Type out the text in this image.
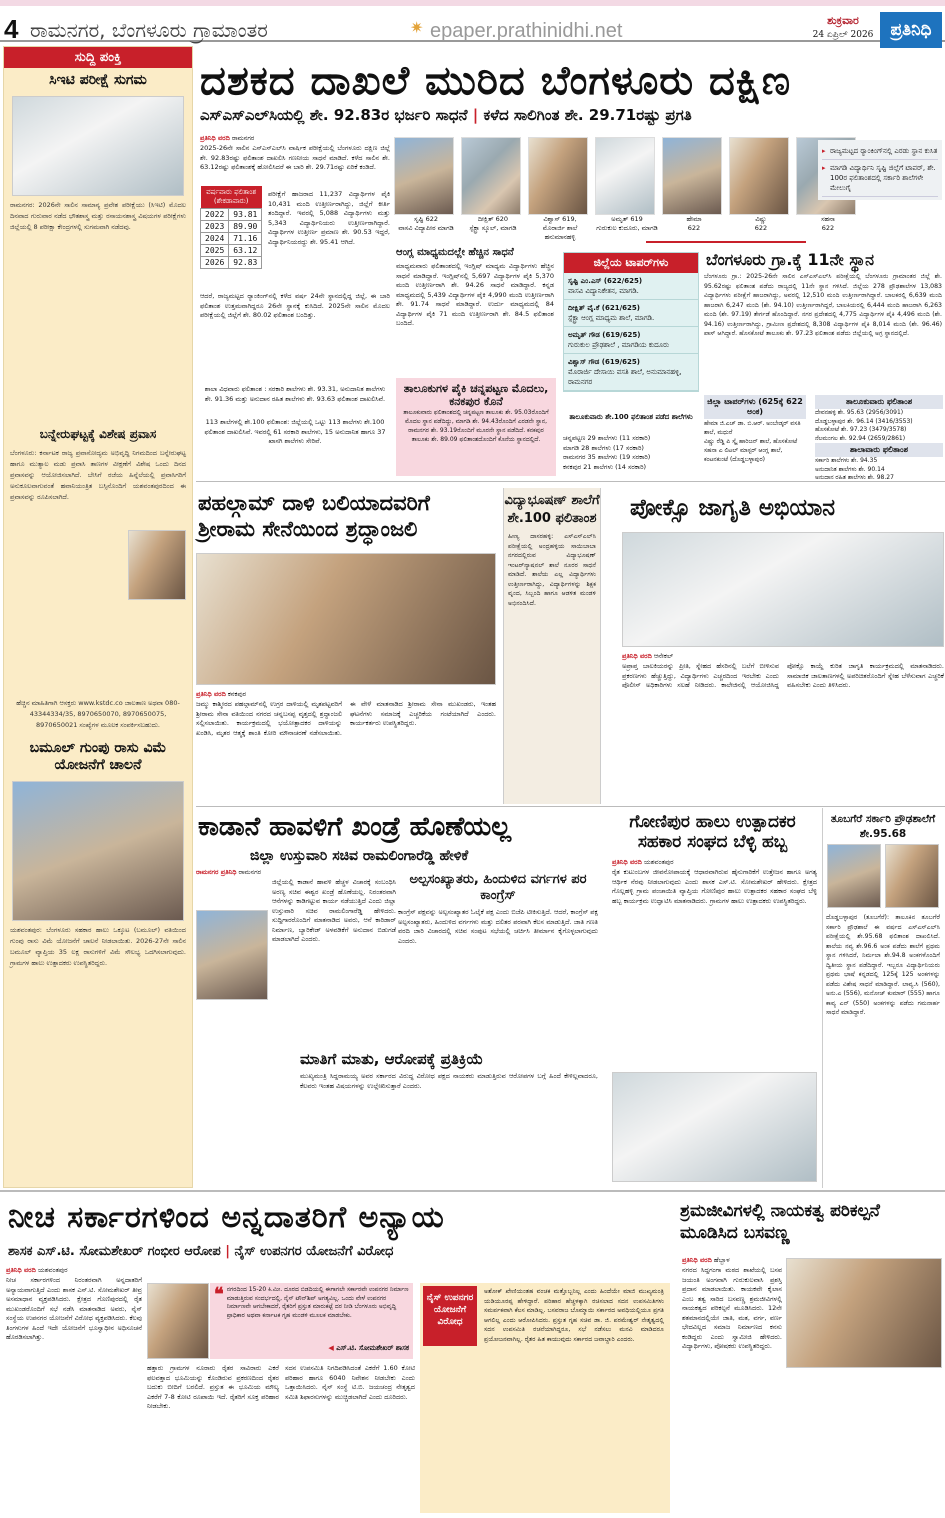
4 ರಾಮನಗರ, ಬೆಂಗಳೂರು ಗ್ರಾಮಾಂತರ	✷ epaper.prathinidhi.net	ಶುಕ್ರವಾರ
24 ಏಪ್ರಿಲ್ 2026	ಪ್ರತಿನಿಧಿ
ಸುದ್ದಿ ಪಂಕ್ತಿ
ಸಿಇಟಿ ಪರೀಕ್ಷೆ ಸುಗಮ
ರಾಮನಗರ: 2026ನೇ ಸಾಲಿನ ಸಾಮಾನ್ಯ ಪ್ರವೇಶ ಪರೀಕ್ಷೆಯು (ಸಿಇಟಿ) ಮೊದಲ ದಿನವಾದ ಗುರುವಾರ ನಡೆದ ಭೌತಶಾಸ್ತ್ರ ಮತ್ತು ರಸಾಯನಶಾಸ್ತ್ರ ವಿಷಯಗಳ ಪರೀಕ್ಷೆಗಳು ಜಿಲ್ಲೆಯಲ್ಲಿ 8 ಪರೀಕ್ಷಾ ಕೇಂದ್ರಗಳಲ್ಲಿ ಸುಗಮವಾಗಿ ನಡೆದವು.
ಬನ್ನೇರುಘಟ್ಟಕ್ಕೆ ವಿಶೇಷ ಪ್ರವಾಸ
ಬೆಂಗಳೂರು: ಕರ್ನಾಟಕ ರಾಜ್ಯ ಪ್ರವಾಸೋದ್ಯಮ ಅಭಿವೃದ್ಧಿ ನಿಗಮದಿಂದ ಬನ್ನೇರುಘಟ್ಟ ಹಾಗೂ ಮುತ್ಯಾಲ ಮಡು ಪ್ರವಾಸಿ ತಾಣಗಳ ವೀಕ್ಷಣೆಗೆ ವಿಶೇಷ ಒಂದು ದಿನದ ಪ್ರವಾಸವನ್ನು ಆಯೋಜಿಸಲಾಗಿದೆ. ಬೇಸಿಗೆ ರಜೆಯ ಹಿನ್ನೆಲೆಯಲ್ಲಿ ಪ್ರವಾಸಿಗರಿಗೆ ಅನುಕೂಲವಾಗುವಂತೆ ಹವಾನಿಯಂತ್ರಿತ ಬಸ್ಸಿನೊಂದಿಗೆ ಯಶವಂತಪುರದಿಂದ ಈ ಪ್ರವಾಸವನ್ನು ರೂಪಿಸಲಾಗಿದೆ.
ಹೆಚ್ಚಿನ ಮಾಹಿತಿಗಾಗಿ ಆಸಕ್ತರು www.kstdc.co ಜಾಲತಾಣ ಅಥವಾ 080-43344334/35, 8970650070, 8970650075, 8970650021 ಸಂಖ್ಯೆಗಳ ಮೂಲಕ ಸಂಪರ್ಕಿಸಬಹುದು.
ಬಮೂಲ್ ಗುಂಪು ರಾಸು ವಿಮೆ ಯೋಜನೆಗೆ ಚಾಲನೆ
ಯಶವಂತಪುರ: ಬೆಂಗಳೂರು ಸಹಕಾರ ಹಾಲು ಒಕ್ಕೂಟ (ಬಮೂಲ್) ವತಿಯಿಂದ ಗುಂಪು ರಾಸು ವಿಮೆ ಯೋಜನೆಗೆ ಚಾಲನೆ ನೀಡಲಾಯಿತು. 2026-27ನೇ ಸಾಲಿನ ಬಮೂಲ್ ವ್ಯಾಪ್ತಿಯ 35 ಲಕ್ಷ ರಾಸುಗಳಿಗೆ ವಿಮೆ ಸೌಲಭ್ಯ ಒದಗಿಸಲಾಗುವುದು. ಗ್ರಾಮಗಳ ಹಾಲು ಉತ್ಪಾದಕರು ಉಪಸ್ಥಿತರಿದ್ದರು.
ದಶಕದ ದಾಖಲೆ ಮುರಿದ ಬೆಂಗಳೂರು ದಕ್ಷಿಣ
ಎಸ್‌ಎಸ್‌ಎಲ್‌ಸಿಯಲ್ಲಿ ಶೇ. 92.83ರ ಭರ್ಜರಿ ಸಾಧನೆ | ಕಳೆದ ಸಾಲಿಗಿಂತ ಶೇ. 29.71ರಷ್ಟು ಪ್ರಗತಿ
ಪ್ರತಿನಿಧಿ ವರದಿ ರಾಮನಗರ
2025-26ನೇ ಸಾಲಿನ ಎಸ್‌ಎಸ್‌ಎಲ್‌ಸಿ ವಾರ್ಷಿಕ ಪರೀಕ್ಷೆಯಲ್ಲಿ ಬೆಂಗಳೂರು ದಕ್ಷಿಣ ಜಿಲ್ಲೆ ಶೇ. 92.83ರಷ್ಟು ಫಲಿತಾಂಶ ದಾಖಲಿಸಿ ಗಣನೀಯ ಸಾಧನೆ ಮಾಡಿದೆ. ಕಳೆದ ಸಾಲಿನ ಶೇ. 63.12ರಷ್ಟು ಫಲಿತಾಂಶಕ್ಕೆ ಹೋಲಿಸಿದರೆ ಈ ಬಾರಿ ಶೇ. 29.71ರಷ್ಟು ಏರಿಕೆ ಕಂಡಿದೆ.
ವರ್ಷವಾರು ಫಲಿತಾಂಶ (ಶೇಕಡಾವಾರು)	
2022	93.81
2023	89.90
2024	71.16
2025	63.12
2026	92.83
ಪರೀಕ್ಷೆಗೆ ಹಾಜರಾದ 11,237 ವಿದ್ಯಾರ್ಥಿಗಳ ಪೈಕಿ 10,431 ಮಂದಿ ಉತ್ತೀರ್ಣರಾಗಿದ್ದು, ಜಿಲ್ಲೆಗೆ ಕೀರ್ತಿ ತಂದಿದ್ದಾರೆ. ಇವರಲ್ಲಿ 5,088 ವಿದ್ಯಾರ್ಥಿಗಳು ಮತ್ತು 5,343 ವಿದ್ಯಾರ್ಥಿನಿಯರು ಉತ್ತೀರ್ಣರಾಗಿದ್ದಾರೆ. ವಿದ್ಯಾರ್ಥಿಗಳ ಉತ್ತೀರ್ಣ ಪ್ರಮಾಣ ಶೇ. 90.53 ಇದ್ದರೆ, ವಿದ್ಯಾರ್ಥಿನಿಯರದ್ದು ಶೇ. 95.41 ಆಗಿದೆ.
ಆದರೆ, ರಾಜ್ಯಮಟ್ಟದ ರ್‍ಯಾಂಕಿಂಗ್‌ನಲ್ಲಿ ಕಳೆದ ವರ್ಷ 24ನೇ ಸ್ಥಾನದಲ್ಲಿದ್ದ ಜಿಲ್ಲೆ, ಈ ಬಾರಿ ಫಲಿತಾಂಶ ಉತ್ತಮವಾಗಿದ್ದರೂ 26ನೇ ಸ್ಥಾನಕ್ಕೆ ಕುಸಿದಿದೆ. 2025ನೇ ಸಾಲಿನ ಮೊದಲ ಪರೀಕ್ಷೆಯಲ್ಲಿ ಜಿಲ್ಲೆಗೆ ಶೇ. 80.02 ಫಲಿತಾಂಶ ಬಂದಿತ್ತು.
ಶಾಲಾ ವಿಧವಾರು ಫಲಿತಾಂಶ : ಸರಕಾರಿ ಶಾಲೆಗಳು ಶೇ. 93.31, ಅನುದಾನಿತ ಶಾಲೆಗಳು ಶೇ. 91.36 ಮತ್ತು ಅನುದಾನ ರಹಿತ ಶಾಲೆಗಳು ಶೇ. 93.63 ಫಲಿತಾಂಶ ದಾಖಲಿಸಿವೆ.
113 ಶಾಲೆಗಳಲ್ಲಿ ಶೇ.100 ಫಲಿತಾಂಶ: ಜಿಲ್ಲೆಯಲ್ಲಿ ಒಟ್ಟು 113 ಶಾಲೆಗಳು ಶೇ.100 ಫಲಿತಾಂಶ ದಾಖಲಿಸಿವೆ. ಇವರಲ್ಲಿ 61 ಸರಕಾರಿ ಶಾಲೆಗಳು, 15 ಅನುದಾನಿತ ಹಾಗೂ 37 ಖಾಸಗಿ ಶಾಲೆಗಳು ಸೇರಿವೆ.
ಸೃಷ್ಟಿ 622
ವಾಸವಿ ವಿದ್ಯಾಪೀಠ ಮಾಗಡಿ
ದೀಕ್ಷಿತ್ 620
ಸ್ಪೆಕ್ಟ್ರಾ ಸ್ಕೂಲ್, ಮಾಗಡಿ
ವಿಶ್ವಾಸ್ 619,
ಮೊರಾರ್ಜಿ ಶಾಲೆ ಹನುಮಾನಹಳ್ಳಿ
ಅಮೃತ್ 619
ಗುರುಕುಲ ಕುದೂರು, ಮಾಗಡಿ
ಹೇಮಾ
622
ವಿಷ್ಣು
622
ಸಹನಾ
622
▸ ರಾಜ್ಯಮಟ್ಟದ ರ್‍ಯಾಂಕಿಂಗ್‌ನಲ್ಲಿ ಎರಡು ಸ್ಥಾನ ಕುಸಿತ
▸ ಮಾಗಡಿ ವಿದ್ಯಾರ್ಥಿನಿ ಸೃಷ್ಟಿ ಜಿಲ್ಲೆಗೆ ಟಾಪರ್, ಶೇ. 100ರ ಫಲಿತಾಂಶದಲ್ಲಿ ಸರ್ಕಾರಿ ಶಾಲೆಗಳೇ ಮೇಲುಗೈ
ಆಂಗ್ಲ ಮಾಧ್ಯಮದಲ್ಲೇ ಹೆಚ್ಚಿನ ಸಾಧನೆ
ಮಾಧ್ಯಮವಾರು ಫಲಿತಾಂಶದಲ್ಲಿ ಇಂಗ್ಲಿಷ್ ಮಾಧ್ಯಮ ವಿದ್ಯಾರ್ಥಿಗಳು ಹೆಚ್ಚಿನ ಸಾಧನೆ ಮಾಡಿದ್ದಾರೆ. ಇಂಗ್ಲಿಷ್‌ನಲ್ಲಿ 5,697 ವಿದ್ಯಾರ್ಥಿಗಳ ಪೈಕಿ 5,370 ಮಂದಿ ಉತ್ತೀರ್ಣರಾಗಿ ಶೇ. 94.26 ಸಾಧನೆ ಮಾಡಿದ್ದಾರೆ. ಕನ್ನಡ ಮಾಧ್ಯಮದಲ್ಲಿ 5,439 ವಿದ್ಯಾರ್ಥಿಗಳ ಪೈಕಿ 4,990 ಮಂದಿ ಉತ್ತೀರ್ಣರಾಗಿ ಶೇ. 91.74 ಸಾಧನೆ ಮಾಡಿದ್ದಾರೆ. ಉರ್ದು ಮಾಧ್ಯಮದಲ್ಲಿ 84 ವಿದ್ಯಾರ್ಥಿಗಳ ಪೈಕಿ 71 ಮಂದಿ ಉತ್ತೀರ್ಣರಾಗಿ ಶೇ. 84.5 ಫಲಿತಾಂಶ ಬಂದಿದೆ.
ತಾಲೂಕುಗಳ ಪೈಕಿ ಚನ್ನಪಟ್ಟಣ ಮೊದಲು, ಕನಕಪುರ ಕೊನೆ
ತಾಲೂಕುವಾರು ಫಲಿತಾಂಶದಲ್ಲಿ ಚನ್ನಪಟ್ಟಣ ತಾಲೂಕು ಶೇ. 95.03ರೊಂದಿಗೆ ಮೊದಲ ಸ್ಥಾನ ಪಡೆದಿದ್ದು, ಮಾಗಡಿ ಶೇ. 94.43ರೊಂದಿಗೆ ಎರಡನೇ ಸ್ಥಾನ, ರಾಮನಗರ ಶೇ. 93.19ರೊಂದಿಗೆ ಮೂರನೇ ಸ್ಥಾನ ಪಡೆದಿದೆ. ಕನಕಪುರ ತಾಲೂಕು ಶೇ. 89.09 ಫಲಿತಾಂಶದೊಂದಿಗೆ ಕೊನೆಯ ಸ್ಥಾನದಲ್ಲಿದೆ.
ಜಿಲ್ಲೆಯ ಟಾಪರ್‌ಗಳು
ಸೃಷ್ಟಿ ಎಂ.ಎಸ್ (622/625)
ವಾಸವಿ ವಿದ್ಯಾನಿಕೇತನ, ಮಾಗಡಿ.
ದೀಕ್ಷಿತ್ ವೈ.ಕೆ (621/625)
ಸ್ಪೆಕ್ಟ್ರಾ ಆಂಗ್ಲ ಮಾಧ್ಯಮ ಶಾಲೆ, ಮಾಗಡಿ.
ಅಮೃತ್ ಗೌಡ (619/625)
ಗುರುಕುಲ ಪ್ರೌಢಶಾಲೆ , ಮಾಗಡಿಯ ಕುದೂರು
ವಿಶ್ವಾಸ್ ಗೌಡ (619/625)
ಮೊರಾರ್ಜಿ ದೇಸಾಯಿ ವಸತಿ ಶಾಲೆ, ಅನುಮಾನಹಳ್ಳಿ, ರಾಮನಗರ
ತಾಲೂಕುವಾರು ಶೇ.100 ಫಲಿತಾಂಶ ಪಡೆದ ಶಾಲೆಗಳು
ಚನ್ನಪಟ್ಟಣ 29 ಶಾಲೆಗಳು (11 ಸರಕಾರಿ)
ಮಾಗಡಿ 28 ಶಾಲೆಗಳು (17 ಸರಕಾರಿ)
ರಾಮನಗರ 35 ಶಾಲೆಗಳು (19 ಸರಕಾರಿ)
ಕನಕಪುರ 21 ಶಾಲೆಗಳು (14 ಸರಕಾರಿ)
ಬೆಂಗಳೂರು ಗ್ರಾ.ಕ್ಕೆ 11ನೇ ಸ್ಥಾನ
ಬೆಂಗಳೂರು ಗ್ರಾ.: 2025-26ನೇ ಸಾಲಿನ ಎಸ್‌ಎಸ್‌ಎಲ್‌ಸಿ ಪರೀಕ್ಷೆಯಲ್ಲಿ ಬೆಂಗಳೂರು ಗ್ರಾಮಾಂತರ ಜಿಲ್ಲೆ ಶೇ. 95.62ರಷ್ಟು ಫಲಿತಾಂಶ ಪಡೆದು ರಾಜ್ಯದಲ್ಲಿ 11ನೇ ಸ್ಥಾನ ಗಳಿಸಿದೆ. ಜಿಲ್ಲೆಯ 278 ಪ್ರೌಢಶಾಲೆಗಳ 13,083 ವಿದ್ಯಾರ್ಥಿಗಳು ಪರೀಕ್ಷೆಗೆ ಹಾಜರಾಗಿದ್ದು, ಅವರಲ್ಲಿ 12,510 ಮಂದಿ ಉತ್ತೀರ್ಣರಾಗಿದ್ದಾರೆ. ಬಾಲಕರಲ್ಲಿ 6,639 ಮಂದಿ ಹಾಜರಾಗಿ 6,247 ಮಂದಿ (ಶೇ. 94.10) ಉತ್ತೀರ್ಣರಾಗಿದ್ದರೆ, ಬಾಲಕಿಯರಲ್ಲಿ 6,444 ಮಂದಿ ಹಾಜರಾಗಿ 6,263 ಮಂದಿ (ಶೇ. 97.19) ತೇರ್ಗಡೆ ಹೊಂದಿದ್ದಾರೆ. ನಗರ ಪ್ರದೇಶದಲ್ಲಿ 4,775 ವಿದ್ಯಾರ್ಥಿಗಳ ಪೈಕಿ 4,496 ಮಂದಿ (ಶೇ. 94.16) ಉತ್ತೀರ್ಣರಾಗಿದ್ದು, ಗ್ರಾಮೀಣ ಪ್ರದೇಶದಲ್ಲಿ 8,308 ವಿದ್ಯಾರ್ಥಿಗಳ ಪೈಕಿ 8,014 ಮಂದಿ (ಶೇ. 96.46) ಪಾಸ್ ಆಗಿದ್ದಾರೆ. ಹೊಸಕೋಟೆ ತಾಲೂಕು ಶೇ. 97.23 ಫಲಿತಾಂಶ ಪಡೆದು ಜಿಲ್ಲೆಯಲ್ಲಿ ಅಗ್ರ ಸ್ಥಾನದಲ್ಲಿದೆ.
ಜಿಲ್ಲಾ ಟಾಪರ್‌ಗಳು (625ಕ್ಕೆ 622 ಅಂಕ)
ಹೇಮಾ ಜಿ.ಎಚ್ ಡಾ. ಬಿ.ಆರ್. ಅಂಬೇಡ್ಕರ್ ವಸತಿ ಶಾಲೆ, ಮಧುರೆ
ವಿಷ್ಣು ರೆಡ್ಡಿ ಪಿ ಸ್ಕೈ ಹಾರಿಜನ್ ಶಾಲೆ, ಹೊಸಕೋಟೆ
ಸಹನಾ ಎ ಲಿಟಲ್ ಮಾಸ್ಟರ್ ಆಂಗ್ಲ ಶಾಲೆ, ಕಂಟನಕುಂಟೆ (ದೊಡ್ಡಬಳ್ಳಾಪುರ)
ತಾಲೂಕುವಾರು ಫಲಿತಾಂಶ
ದೇವನಹಳ್ಳಿ ಶೇ. 95.63 (2956/3091)
ದೊಡ್ಡಬಳ್ಳಾಪುರ ಶೇ. 96.14 (3416/3553)
ಹೊಸಕೋಟೆ ಶೇ. 97.23 (3479/3578)
ನೆಲಮಂಗಲ ಶೇ. 92.94 (2659/2861)
ಶಾಲಾವಾರು ಫಲಿತಾಂಶ
ಸರ್ಕಾರಿ ಶಾಲೆಗಳು ಶೇ. 94.35
ಅನುದಾನಿತ ಶಾಲೆಗಳು ಶೇ. 90.14
ಅನುದಾನ ರಹಿತ ಶಾಲೆಗಳು ಶೇ. 98.27
ಪಹಲ್ಗಾಮ್ ದಾಳಿ ಬಲಿಯಾದವರಿಗೆ
ಶ್ರೀರಾಮ ಸೇನೆಯಿಂದ ಶ್ರದ್ಧಾಂಜಲಿ
ಪ್ರತಿನಿಧಿ ವರದಿ ಕನಕಪುರ
ಜಮ್ಮು ಕಾಶ್ಮೀರದ ಪಹಲ್ಗಾಮ್‌ನಲ್ಲಿ ಉಗ್ರರ ದಾಳಿಯಲ್ಲಿ ಮೃತಪಟ್ಟವರಿಗೆ ಶ್ರೀರಾಮ ಸೇನಾ ವತಿಯಿಂದ ನಗರದ ಚನ್ನಬಸಪ್ಪ ವೃತ್ತದಲ್ಲಿ ಶ್ರದ್ಧಾಂಜಲಿ ಸಲ್ಲಿಸಲಾಯಿತು. ಕಾರ್ಯಕ್ರಮದಲ್ಲಿ ಭಯೋತ್ಪಾದಕರ ದಾಳಿಯನ್ನು ಖಂಡಿಸಿ, ಮೃತರ ಆತ್ಮಕ್ಕೆ ಶಾಂತಿ ಕೋರಿ ಮೌನಾಚರಣೆ ನಡೆಸಲಾಯಿತು. ಈ ವೇಳೆ ಮಾತನಾಡಿದ ಶ್ರೀರಾಮ ಸೇನಾ ಮುಖಂಡರು, ಇಂತಹ ಘಟನೆಗಳು ಸಮಾಜಕ್ಕೆ ಎಚ್ಚರಿಕೆಯ ಗಂಟೆಯಾಗಿದೆ ಎಂದರು. ಕಾರ್ಯಕರ್ತರು ಉಪಸ್ಥಿತರಿದ್ದರು.
ವಿದ್ಯಾಭೂಷಣ್ ಶಾಲೆಗೆ ಶೇ.100 ಫಲಿತಾಂಶ
ಹೀಣ್ಯ ದಾಸರಹಳ್ಳಿ: ಎಸ್‌ಎಸ್‌ಎಲ್‌ಸಿ ಪರೀಕ್ಷೆಯಲ್ಲಿ ಅಂದ್ರಹಳ್ಳಿಯ ಸಾಯಿಬಾಬಾ ನಗರದಲ್ಲಿರುವ ವಿದ್ಯಾಭೂಷಣ್ ಇಂಟರ್‌ನ್ಯಾಷನಲ್ ಶಾಲೆ ನೂರರ ಸಾಧನೆ ಮಾಡಿದೆ. ಶಾಲೆಯ ಎಲ್ಲ ವಿದ್ಯಾರ್ಥಿಗಳು ಉತ್ತೀರ್ಣರಾಗಿದ್ದು, ವಿದ್ಯಾರ್ಥಿಗಳನ್ನು ಶಿಕ್ಷಕ ವೃಂದ, ಸಿಬ್ಬಂದಿ ಹಾಗೂ ಆಡಳಿತ ಮಂಡಳಿ ಅಭಿನಂದಿಸಿದೆ.
ಪೋಕ್ಸೊ ಜಾಗೃತಿ ಅಭಿಯಾನ
ಪ್ರತಿನಿಧಿ ವರದಿ ಆನೇಕಲ್
ಅಪ್ರಾಪ್ತ ಬಾಲಕಿಯರನ್ನು ಪ್ರೀತಿ, ಸ್ನೇಹದ ಹೆಸರಿನಲ್ಲಿ ಬಲೆಗೆ ಬೀಳಿಸುವ ಪ್ರಕರಣಗಳು ಹೆಚ್ಚುತ್ತಿದ್ದು, ವಿದ್ಯಾರ್ಥಿಗಳು ಎಚ್ಚರದಿಂದ ಇರಬೇಕು ಎಂದು ಪೊಲೀಸ್ ಅಧಿಕಾರಿಗಳು ಸಲಹೆ ನೀಡಿದರು. ಕಾಲೇಜಿನಲ್ಲಿ ಆಯೋಜಿಸಿದ್ದ ಪೋಕ್ಸೊ ಕಾಯ್ದೆ ಕುರಿತ ಜಾಗೃತಿ ಕಾರ್ಯಕ್ರಮದಲ್ಲಿ ಮಾತನಾಡಿದರು. ಸಾಮಾಜಿಕ ಜಾಲತಾಣಗಳಲ್ಲಿ ಅಪರಿಚಿತರೊಂದಿಗೆ ಸ್ನೇಹ ಬೆಳೆಸುವಾಗ ಎಚ್ಚರಿಕೆ ವಹಿಸಬೇಕು ಎಂದು ತಿಳಿಸಿದರು.
ಕಾಡಾನೆ ಹಾವಳಿಗೆ ಖಂಡ್ರೆ ಹೊಣೆಯಲ್ಲ
ಜಿಲ್ಲಾ ಉಸ್ತುವಾರಿ ಸಚಿವ ರಾಮಲಿಂಗಾರೆಡ್ಡಿ ಹೇಳಿಕೆ
ರಾಮನಗರ ಪ್ರತಿನಿಧಿ ರಾಮನಗರ
ಜಿಲ್ಲೆಯಲ್ಲಿ ಕಾಡಾನೆ ಹಾವಳಿ ಹೆಚ್ಚಳ ವಿಚಾರಕ್ಕೆ ಸಂಬಂಧಿಸಿ ಅರಣ್ಯ ಸಚಿವ ಈಶ್ವರ ಖಂಡ್ರೆ ಹೊಣೆಯಲ್ಲ. ನಿರಂತರವಾಗಿ ಆನೆಗಳನ್ನು ಕಾಡಿಗಟ್ಟುವ ಕಾರ್ಯ ನಡೆಯುತ್ತಿದೆ ಎಂದು ಜಿಲ್ಲಾ ಉಸ್ತುವಾರಿ ಸಚಿವ ರಾಮಲಿಂಗಾರೆಡ್ಡಿ ಹೇಳಿದರು. ಸುದ್ದಿಗಾರರೊಂದಿಗೆ ಮಾತನಾಡಿದ ಅವರು, ಆನೆ ಕಾರಿಡಾರ್ ನಿರ್ಮಾಣ, ಬ್ಯಾರಿಕೇಡ್ ಅಳವಡಿಕೆಗೆ ಅನುದಾನ ಬಿಡುಗಡೆ ಮಾಡಲಾಗಿದೆ ಎಂದರು.
ಅಲ್ಪಸಂಖ್ಯಾತರು, ಹಿಂದುಳಿದ ವರ್ಗಗಳ ಪರ ಕಾಂಗ್ರೆಸ್
ಕಾಂಗ್ರೆಸ್ ಪಕ್ಷವನ್ನು ಅಲ್ಪಸಂಖ್ಯಾತರ ಓಲೈಕೆ ಪಕ್ಷ ಎಂದು ಬಿಜೆಪಿ ಟೀಕಿಸುತ್ತಿದೆ. ಆದರೆ, ಕಾಂಗ್ರೆಸ್ ಪಕ್ಷ ಅಲ್ಪಸಂಖ್ಯಾತರು, ಹಿಂದುಳಿದ ವರ್ಗಗಳು ಮತ್ತು ದಲಿತರ ಪರವಾಗಿ ಕೆಲಸ ಮಾಡುತ್ತಿದೆ. ಜಾತಿ ಗಣತಿ ವರದಿ ಜಾರಿ ವಿಚಾರದಲ್ಲಿ ಸಚಿವ ಸಂಪುಟ ಸಭೆಯಲ್ಲಿ ಚರ್ಚಿಸಿ ತೀರ್ಮಾನ ಕೈಗೊಳ್ಳಲಾಗುವುದು ಎಂದರು.
ಮಾತಿಗೆ ಮಾತು, ಆರೋಪಕ್ಕೆ ಪ್ರತಿಕ್ರಿಯೆ
ಮುಖ್ಯಮಂತ್ರಿ ಸಿದ್ದರಾಮಯ್ಯ ಅವರ ಸರ್ಕಾರದ ವಿರುದ್ಧ ವಿರೋಧ ಪಕ್ಷದ ನಾಯಕರು ಮಾಡುತ್ತಿರುವ ಆರೋಪಗಳ ಬಗ್ಗೆ ಹಿಂದೆ ಕೇಳಿಲ್ಲವಾದರೂ, ಕೆಲವರು ಇಂತಹ ವಿಷಯಗಳನ್ನು ಉಲ್ಲೇಖಿಸುತ್ತಾರೆ ಎಂದರು.
ಗೋಣಿಪುರ ಹಾಲು ಉತ್ಪಾದಕರ ಸಹಕಾರ ಸಂಘದ ಬೆಳ್ಳಿ ಹಬ್ಬ
ಪ್ರತಿನಿಧಿ ವರದಿ ಯಶವಂತಪುರ
ರೈತ ಕುಟುಂಬಗಳ ಜೀವನೋಪಾಯಕ್ಕೆ ಆಧಾರವಾಗಿರುವ ಹೈನುಗಾರಿಕೆಗೆ ಉತ್ತೇಜನ ಹಾಗೂ ಅಗತ್ಯ ಆರ್ಥಿಕ ನೆರವು ನೀಡಲಾಗುವುದು ಎಂದು ಶಾಸಕ ಎಸ್.ಟಿ. ಸೋಮಶೇಖರ್ ಹೇಳಿದರು. ಕ್ಷೇತ್ರದ ಗೊಲ್ಲಹಳ್ಳಿ ಗ್ರಾಮ ಪಂಚಾಯಿತಿ ವ್ಯಾಪ್ತಿಯ ಗೋಣಿಪುರ ಹಾಲು ಉತ್ಪಾದಕರ ಸಹಕಾರ ಸಂಘದ ಬೆಳ್ಳಿ ಹಬ್ಬ ಕಾರ್ಯಕ್ರಮ ಉದ್ಘಾಟಿಸಿ ಮಾತನಾಡಿದರು. ಗ್ರಾಮಗಳ ಹಾಲು ಉತ್ಪಾದಕರು ಉಪಸ್ಥಿತರಿದ್ದರು.
ತೂಬಗೆರೆ ಸರ್ಕಾರಿ ಪ್ರೌಢಶಾಲೆಗೆ ಶೇ.95.68
ದೊಡ್ಡಬಳ್ಳಾಪುರ (ತೂಬಗೆರೆ): ತಾಲೂಕಿನ ತೂಬಗೆರೆ ಸರ್ಕಾರಿ ಪ್ರೌಢಶಾಲೆ ಈ ವರ್ಷದ ಎಸ್‌ಎಸ್‌ಎಲ್‌ಸಿ ಪರೀಕ್ಷೆಯಲ್ಲಿ ಶೇ.95.68 ಫಲಿತಾಂಶ ದಾಖಲಿಸಿದೆ. ಶಾಲೆಯ ನವ್ಯ ಶೇ.96.6 ಅಂಕ ಪಡೆದು ಶಾಲೆಗೆ ಪ್ರಥಮ ಸ್ಥಾನ ಗಳಿಸಿದರೆ, ನಿರ್ಮಲಾ ಶೇ.94.8 ಅಂಕಗಳೊಂದಿಗೆ ದ್ವಿತೀಯ ಸ್ಥಾನ ಪಡೆದಿದ್ದಾರೆ. ಇಬ್ಬರೂ ವಿದ್ಯಾರ್ಥಿನಿಯರು ಪ್ರಥಮ ಭಾಷೆ ಕನ್ನಡದಲ್ಲಿ 125ಕ್ಕೆ 125 ಅಂಕಗಳನ್ನು ಪಡೆದು ವಿಶೇಷ ಸಾಧನೆ ಮಾಡಿದ್ದಾರೆ. ಲಾವ್ಯ.ಸಿ (560), ಅನು.ಎ (556), ಮನೋಜ್ ಕುಮಾರ್ (555) ಹಾಗೂ ಕಾವ್ಯ ಎನ್ (550) ಅಂಕಗಳನ್ನು ಪಡೆದು ಗಮನಾರ್ಹ ಸಾಧನೆ ಮಾಡಿದ್ದಾರೆ.
ನೀಚ ಸರ್ಕಾರಗಳಿಂದ ಅನ್ನದಾತರಿಗೆ ಅನ್ಯಾಯ
ಶಾಸಕ ಎಸ್.ಟಿ. ಸೋಮಶೇಖರ್ ಗಂಭೀರ ಆರೋಪ | ನೈಸ್ ಉಪನಗರ ಯೋಜನೆಗೆ ವಿರೋಧ
ಪ್ರತಿನಿಧಿ ವರದಿ ಯಶವಂತಪುರ
ನೀಚ ಸರ್ಕಾರಗಳಿಂದ ನಿರಂತರವಾಗಿ ಅನ್ನದಾತರಿಗೆ ಅನ್ಯಾಯವಾಗುತ್ತಿದೆ ಎಂದು ಶಾಸಕ ಎಸ್.ಟಿ. ಸೋಮಶೇಖರ್ ತೀವ್ರ ಅಸಮಾಧಾನ ವ್ಯಕ್ತಪಡಿಸಿದರು. ಕ್ಷೇತ್ರದ ಗೊಣಿಪುರದಲ್ಲಿ ರೈತ ಮುಖಂಡರೊಂದಿಗೆ ಸಭೆ ನಡೆಸಿ ಮಾತನಾಡಿದ ಅವರು, ನೈಸ್ ಸಂಸ್ಥೆಯ ಉಪನಗರ ಯೋಜನೆಗೆ ವಿರೋಧ ವ್ಯಕ್ತಪಡಿಸಿದರು. ಕೆಲವು ತಿಂಗಳುಗಳ ಹಿಂದೆ ಇದೇ ಯೋಜನೆಗೆ ಭೂಸ್ವಾಧೀನ ಅಧಿಸೂಚನೆ ಹೊರಡಿಸಲಾಗಿತ್ತು.
❝ ನಗರದಿಂದ 15-20 ಕಿ.ಮೀ. ದೂರದ ಬಿಡದಿಯಲ್ಲಿ ಈಗಾಗಲೇ ಸರ್ಕಾರವೇ ಉಪನಗರ ನಿರ್ಮಾಣ ಮಾಡುತ್ತಿರುವ ಸಂದರ್ಭದಲ್ಲಿ, ನೈಸ್ ಟೌನ್‌ಶಿಪ್ ಅಗತ್ಯವಿಲ್ಲ. ಒಂದು ವೇಳೆ ಉಪನಗರ ನಿರ್ಮಾಣವೇ ಆಗಬೇಕಾದರೆ, ರೈತರಿಗೆ ಪ್ರಸ್ತುತ ಮಾರುಕಟ್ಟೆ ದರ ನೀಡಿ ಬೆಂಗಳೂರು ಅಭಿವೃದ್ಧಿ ಪ್ರಾಧಿಕಾರ ಅಥವಾ ಕರ್ನಾಟಕ ಗೃಹ ಮಂಡಳಿ ಮೂಲಕ ಮಾಡಬೇಕು.
◀ ಎಸ್.ಟಿ. ಸೋಮಶೇಖರ್ ಶಾಸಕ
ಹತ್ತಾರು ಗ್ರಾಮಗಳ ನೂರಾರು ರೈತರ ಸಾವಿರಾರು ಎಕರೆ ಫಲವತ್ತಾದ ಭೂಮಿಯನ್ನು ಕೊಂಡಿರುವ ಪ್ರಕರಣದಿಂದ ರೈತರ ಬದುಕು ಬೀದಿಗೆ ಬರಲಿದೆ. ಪ್ರಸ್ತುತ ಈ ಭೂಮಿಯ ಮೌಲ್ಯ ಎಕರೆಗೆ 7-8 ಕೋಟಿ ರೂಪಾಯಿ ಇದೆ. ರೈತರಿಗೆ ಸೂಕ್ತ ಪರಿಹಾರ ನೀಡಬೇಕು.
ಸದನ ಉಪಸಮಿತಿ ನಿಗದಿಪಡಿಸಿದಂತೆ ಎಕರೆಗೆ 1.60 ಕೋಟಿ ಪರಿಹಾರ ಹಾಗೂ 6040 ನಿವೇಶನ ನೀಡಬೇಕು ಎಂದು ಒತ್ತಾಯಿಸಿದರು. ನೈಸ್ ಸಂಸ್ಥೆ ಟಿ.ಬಿ. ಜಯಚಂದ್ರ ನೇತೃತ್ವದ ಸಮಿತಿ ಶಿಫಾರಸುಗಳನ್ನು ಮುಚ್ಚಿಡಲಾಗಿದೆ ಎಂದು ದೂರಿದರು.
ನೈಸ್ ಉಪನಗರ ಯೋಜನೆಗೆ ವಿರೋಧ
ಅಶೋಕ್ ಖೇಣಿಯಂತಹ ವಂಚಕ ಮತ್ತೊಬ್ಬನಿಲ್ಲ ಎಂದು ಹಿಂದೆಯೇ ಮಾಜಿ ಮುಖ್ಯಮಂತ್ರಿ ಯಡಿಯೂರಪ್ಪ ಹೇಳಿದ್ದಾರೆ. ಪರಿಹಾರ ಹೆಚ್ಚಳಕ್ಕಾಗಿ ರಚಿಸಲಾದ ಸದನ ಉಪಸಮಿತಿಗಳು ಸಮರ್ಪಕವಾಗಿ ಕೆಲಸ ಮಾಡಿಲ್ಲ. ಬಸವರಾಜ ಬೊಮ್ಮಾಯಿ ಸರ್ಕಾರದ ಅವಧಿಯಲ್ಲಿಯೂ ಪ್ರಗತಿ ಆಗಲಿಲ್ಲ ಎಂದು ಆರೋಪಿಸಿದರು. ಪ್ರಸ್ತುತ ಗೃಹ ಸಚಿವ ಡಾ. ಜಿ. ಪರಮೇಶ್ವರ್ ನೇತೃತ್ವದಲ್ಲಿ ಸದನ ಉಪಸಮಿತಿ ರಚನೆಯಾಗಿದ್ದರೂ, ಸಭೆ ನಡೆಸಲು ಮನವಿ ಮಾಡಿದರೂ ಪ್ರಯೋಜನವಾಗಿಲ್ಲ. ರೈತರ ಹಿತ ಕಾಯುವುದು ಸರ್ಕಾರದ ಜವಾಬ್ದಾರಿ ಎಂದರು.
ಶ್ರಮಜೀವಿಗಳಲ್ಲಿ ನಾಯಕತ್ವ ಪರಿಕಲ್ಪನೆ ಮೂಡಿಸಿದ ಬಸವಣ್ಣ
ಪ್ರತಿನಿಧಿ ವರದಿ ಹೆಬ್ಬಾಳ
ನಗರದ ಸಿದ್ದಗಂಗಾ ಮಠದ ಶಾಖೆಯಲ್ಲಿ ಬಸವ ಜಯಂತಿ ಅಂಗವಾಗಿ ಗುರುಕುಲವಾಸಿ ಪ್ರಶಸ್ತಿ ಪ್ರದಾನ ಮಾಡಲಾಯಿತು. ಕಾಯಕವೇ ಕೈಲಾಸ ಎಂಬ ತತ್ವ ಸಾರಿದ ಬಸವಣ್ಣ ಶ್ರಮಜೀವಿಗಳಲ್ಲಿ ನಾಯಕತ್ವದ ಪರಿಕಲ್ಪನೆ ಮೂಡಿಸಿದರು. 12ನೇ ಶತಮಾನದಲ್ಲಿಯೇ ಜಾತಿ, ಮತ, ವರ್ಗ, ವರ್ಣ ಭೇದವಿಲ್ಲದ ಸಮಾಜ ನಿರ್ಮಾಣದ ಕನಸು ಕಂಡಿದ್ದರು ಎಂದು ಸ್ವಾಮೀಜಿ ಹೇಳಿದರು. ವಿದ್ಯಾರ್ಥಿಗಳು, ಪೋಷಕರು ಉಪಸ್ಥಿತರಿದ್ದರು.
